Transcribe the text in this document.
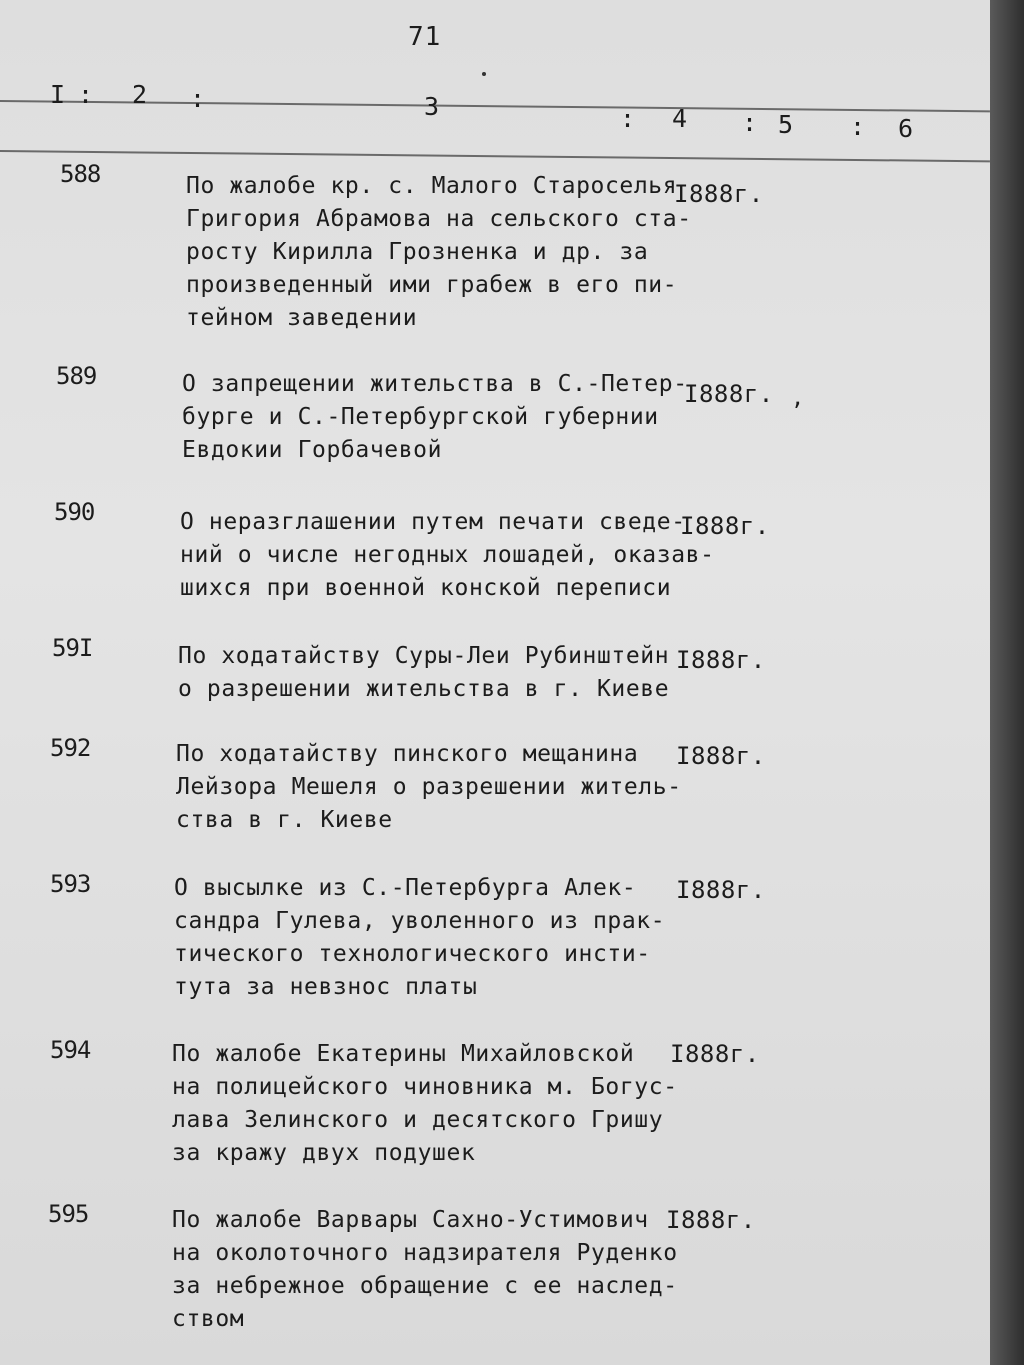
71
I : 2 :	3	: 4 : 5 : 6
588	По жалобе кр. с. Малого Староселья
Григория Абрамова на сельского ста-
росту Кирилла Грозненка и др. за
произведенный ими грабеж в его пи-
тейном заведении
I888г.
589	О запрещении жительства в С.-Петер-
бурге и С.-Петербургской губернии
Евдокии Горбачевой
I888г. ,
590	О неразглашении путем печати сведе-
ний о числе негодных лошадей, оказав-
шихся при военной конской переписи
I888г.
59I	По ходатайству Суры-Леи Рубинштейн
о разрешении жительства в г. Киеве
I888г.
592	По ходатайству пинского мещанина
Лейзора Мешеля о разрешении житель-
ства в г. Киеве
I888г.
593	О высылке из С.-Петербурга Алек-
сандра Гулева, уволенного из прак-
тического технологического инсти-
тута за невзнос платы
I888г.
594	По жалобе Екатерины Михайловской
на полицейского чиновника м. Богус-
лава Зелинского и десятского Гришу
за кражу двух подушек
I888г.
595	По жалобе Варвары Сахно-Устимович
на околоточного надзирателя Руденко
за небрежное обращение с ее наслед-
ством
I888г.
